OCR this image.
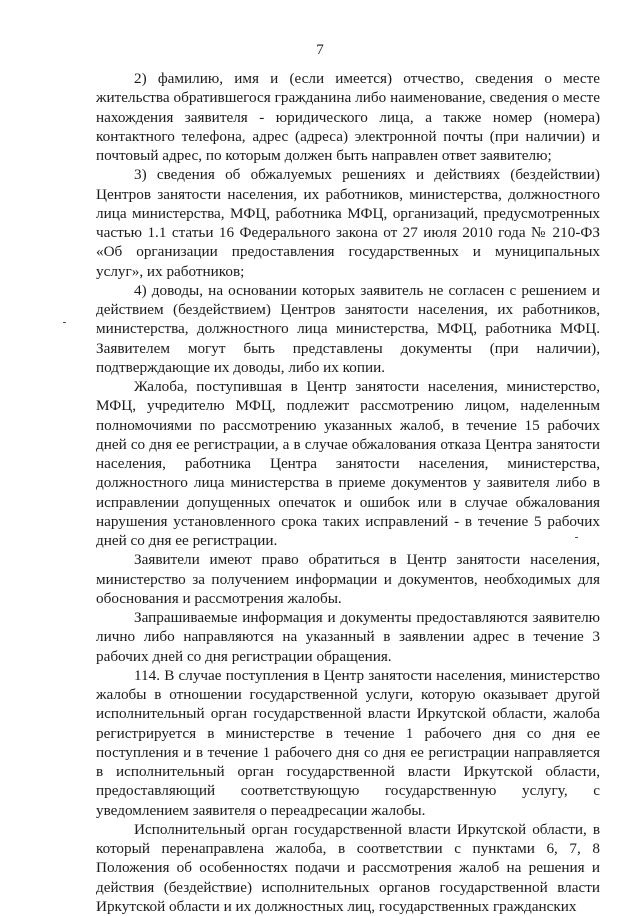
7

2) фамилию, имя и (если имеется) отчество, сведения о месте жительства обратившегося гражданина либо наименование, сведения о месте нахождения заявителя - юридического лица, а также номер (номера) контактного телефона, адрес (адреса) электронной почты (при наличии) и почтовый адрес, по которым должен быть направлен ответ заявителю;

3) сведения об обжалуемых решениях и действиях (бездействии) Центров занятости населения, их работников, министерства, должностного лица министерства, МФЦ, работника МФЦ, организаций, предусмотренных частью 1.1 статьи 16 Федерального закона от 27 июля 2010 года № 210-ФЗ «Об организации предоставления государственных и муниципальных услуг», их работников;

4) доводы, на основании которых заявитель не согласен с решением и действием (бездействием) Центров занятости населения, их работников, министерства, должностного лица министерства, МФЦ, работника МФЦ. Заявителем могут быть представлены документы (при наличии), подтверждающие их доводы, либо их копии.

Жалоба, поступившая в Центр занятости населения, министерство, МФЦ, учредителю МФЦ, подлежит рассмотрению лицом, наделенным полномочиями по рассмотрению указанных жалоб, в течение 15 рабочих дней со дня ее регистрации, а в случае обжалования отказа Центра занятости населения, работника Центра занятости населения, министерства, должностного лица министерства в приеме документов у заявителя либо в исправлении допущенных опечаток и ошибок или в случае обжалования нарушения установленного срока таких исправлений - в течение 5 рабочих дней со дня ее регистрации.

Заявители имеют право обратиться в Центр занятости населения, министерство за получением информации и документов, необходимых для обоснования и рассмотрения жалобы.

Запрашиваемые информация и документы предоставляются заявителю лично либо направляются на указанный в заявлении адрес в течение 3 рабочих дней со дня регистрации обращения.

114. В случае поступления в Центр занятости населения, министерство жалобы в отношении государственной услуги, которую оказывает другой исполнительный орган государственной власти Иркутской области, жалоба регистрируется в министерстве в течение 1 рабочего дня со дня ее поступления и в течение 1 рабочего дня со дня ее регистрации направляется в исполнительный орган государственной власти Иркутской области, предоставляющий соответствующую государственную услугу, с уведомлением заявителя о переадресации жалобы.

Исполнительный орган государственной власти Иркутской области, в который перенаправлена жалоба, в соответствии с пунктами 6, 7, 8 Положения об особенностях подачи и рассмотрения жалоб на решения и действия (бездействие) исполнительных органов государственной власти Иркутской области и их должностных лиц, государственных гражданских
